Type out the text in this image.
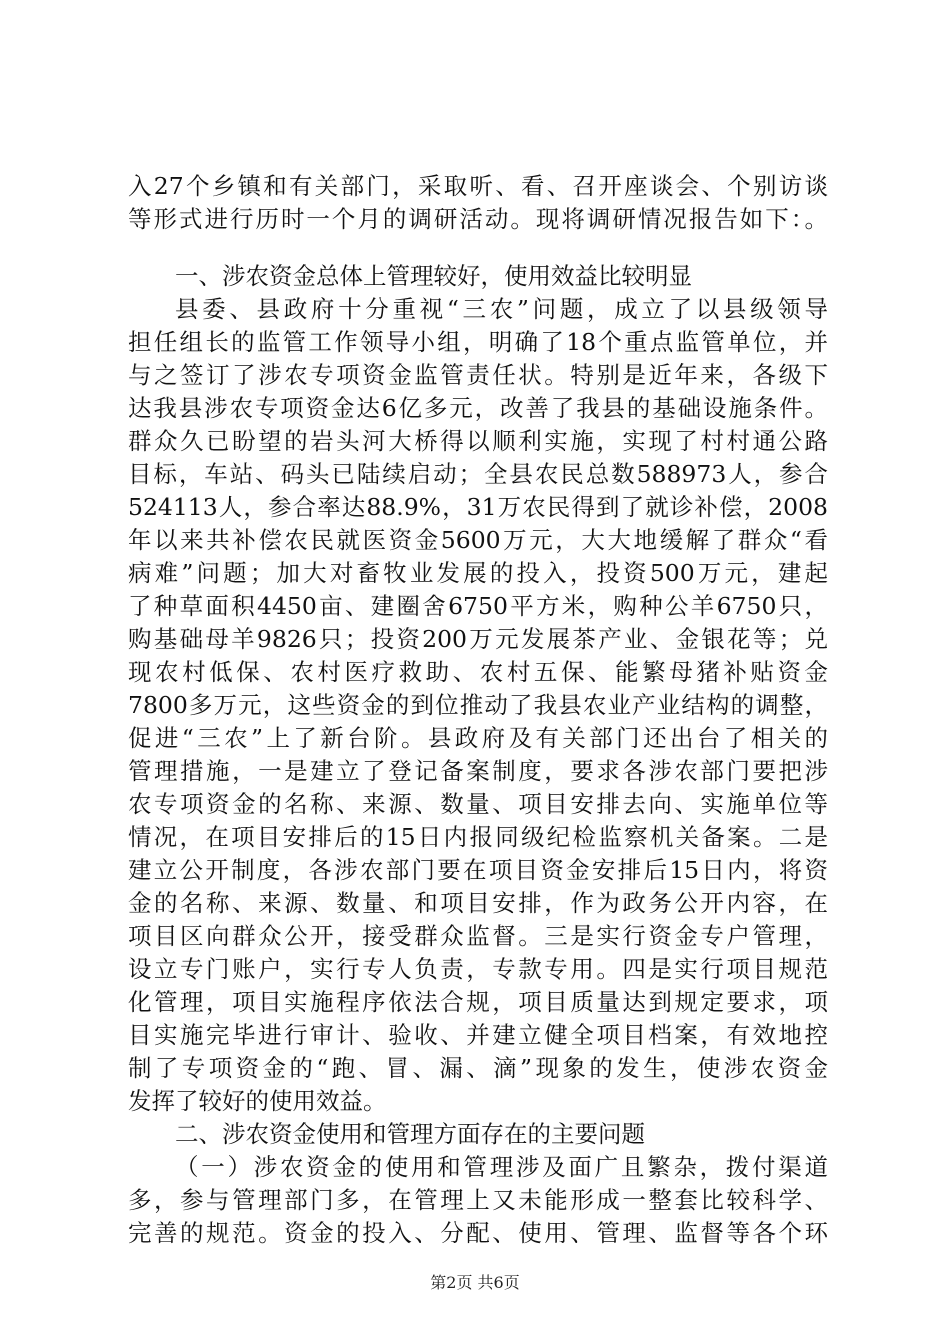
入27个乡镇和有关部门，采取听、看、召开座谈会、个别访谈
等形式进行历时一个月的调研活动。现将调研情况报告如下：。
一、涉农资金总体上管理较好，使用效益比较明显
县委、县政府十分重视“三农”问题，成立了以县级领导
担任组长的监管工作领导小组，明确了18个重点监管单位，并
与之签订了涉农专项资金监管责任状。特别是近年来，各级下
达我县涉农专项资金达6亿多元，改善了我县的基础设施条件。
群众久已盼望的岩头河大桥得以顺利实施，实现了村村通公路
目标，车站、码头已陆续启动；全县农民总数588973人，参合
524113人，参合率达88.9%，31万农民得到了就诊补偿，2008
年以来共补偿农民就医资金5600万元，大大地缓解了群众“看
病难”问题；加大对畜牧业发展的投入，投资500万元，建起
了种草面积4450亩、建圈舍6750平方米，购种公羊6750只，
购基础母羊9826只；投资200万元发展茶产业、金银花等；兑
现农村低保、农村医疗救助、农村五保、能繁母猪补贴资金
7800多万元，这些资金的到位推动了我县农业产业结构的调整，
促进“三农”上了新台阶。县政府及有关部门还出台了相关的
管理措施，一是建立了登记备案制度，要求各涉农部门要把涉
农专项资金的名称、来源、数量、项目安排去向、实施单位等
情况，在项目安排后的15日内报同级纪检监察机关备案。二是
建立公开制度，各涉农部门要在项目资金安排后15日内，将资
金的名称、来源、数量、和项目安排，作为政务公开内容，在
项目区向群众公开，接受群众监督。三是实行资金专户管理，
设立专门账户，实行专人负责，专款专用。四是实行项目规范
化管理，项目实施程序依法合规，项目质量达到规定要求，项
目实施完毕进行审计、验收、并建立健全项目档案，有效地控
制了专项资金的“跑、冒、漏、滴”现象的发生，使涉农资金
发挥了较好的使用效益。
二、涉农资金使用和管理方面存在的主要问题
（一）涉农资金的使用和管理涉及面广且繁杂，拨付渠道
多，参与管理部门多，在管理上又未能形成一整套比较科学、
完善的规范。资金的投入、分配、使用、管理、监督等各个环
第2页 共6页
